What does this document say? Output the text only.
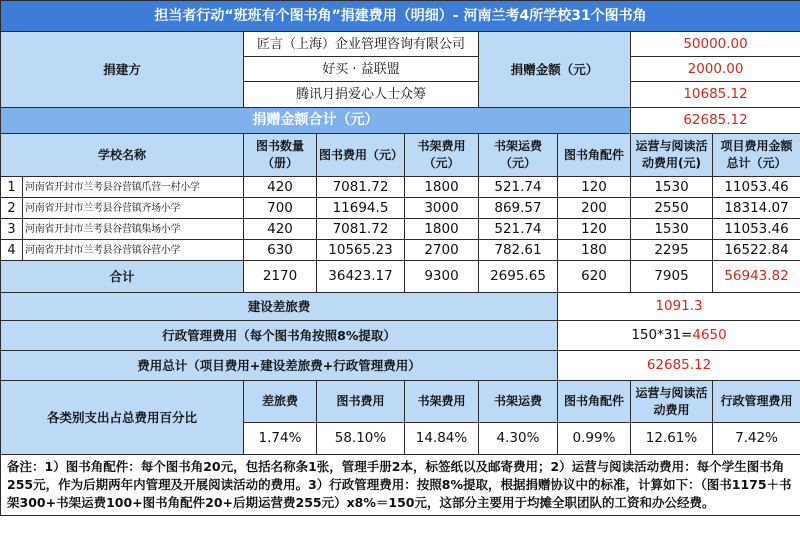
担当者行动“班班有个图书角”捐建费用（明细）- 河南兰考4所学校31个图书角								
捐建方		匠言（上海）企业管理咨询有限公司			捐赠金额（元）		50000.00	
		好买 · 益联盟					2000.00	
		腾讯月捐爱心人士众筹					10685.12	
捐赠金额合计（元）							62685.12	
学校名称		图书数量（册）	图书费用（元）	书架费用（元）	书架运费（元）	图书角配件	运营与阅读活动费用(元)	项目费用金额总计（元）
1	河南省开封市兰考县谷营镇爪营一村小学	420	7081.72	1800	521.74	120	1530	11053.46
2	河南省开封市兰考县谷营镇齐场小学	700	11694.5	3000	869.57	200	2550	18314.07
3	河南省开封市兰考县谷营镇集场小学	420	7081.72	1800	521.74	120	1530	11053.46
4	河南省开封市兰考县谷营镇谷营小学	630	10565.23	2700	782.61	180	2295	16522.84
合计		2170	36423.17	9300	2695.65	620	7905	56943.82
建设差旅费						1091.3		
行政管理费用（每个图书角按照8%提取）						150*31=4650		
费用总计（项目费用+建设差旅费+行政管理费用）						62685.12		
各类别支出占总费用百分比		差旅费	图书费用	书架费用	书架运费	图书角配件	运营与阅读活动费用	行政管理费用
		1.74%	58.10%	14.84%	4.30%	0.99%	12.61%	7.42%
备注：1）图书角配件：每个图书角20元，包括名称条1张，管理手册2本，标签纸以及邮寄费用；2）运营与阅读活动费用：每个学生图书角255元，作为后期两年内管理及开展阅读活动的费用。3）行政管理费用：按照8%提取，根据捐赠协议中的标准，计算如下：（图书1175＋书架300+书架运费100+图书角配件20+后期运营费255元）x8%＝150元，这部分主要用于均摊全职团队的工资和办公经费。								
